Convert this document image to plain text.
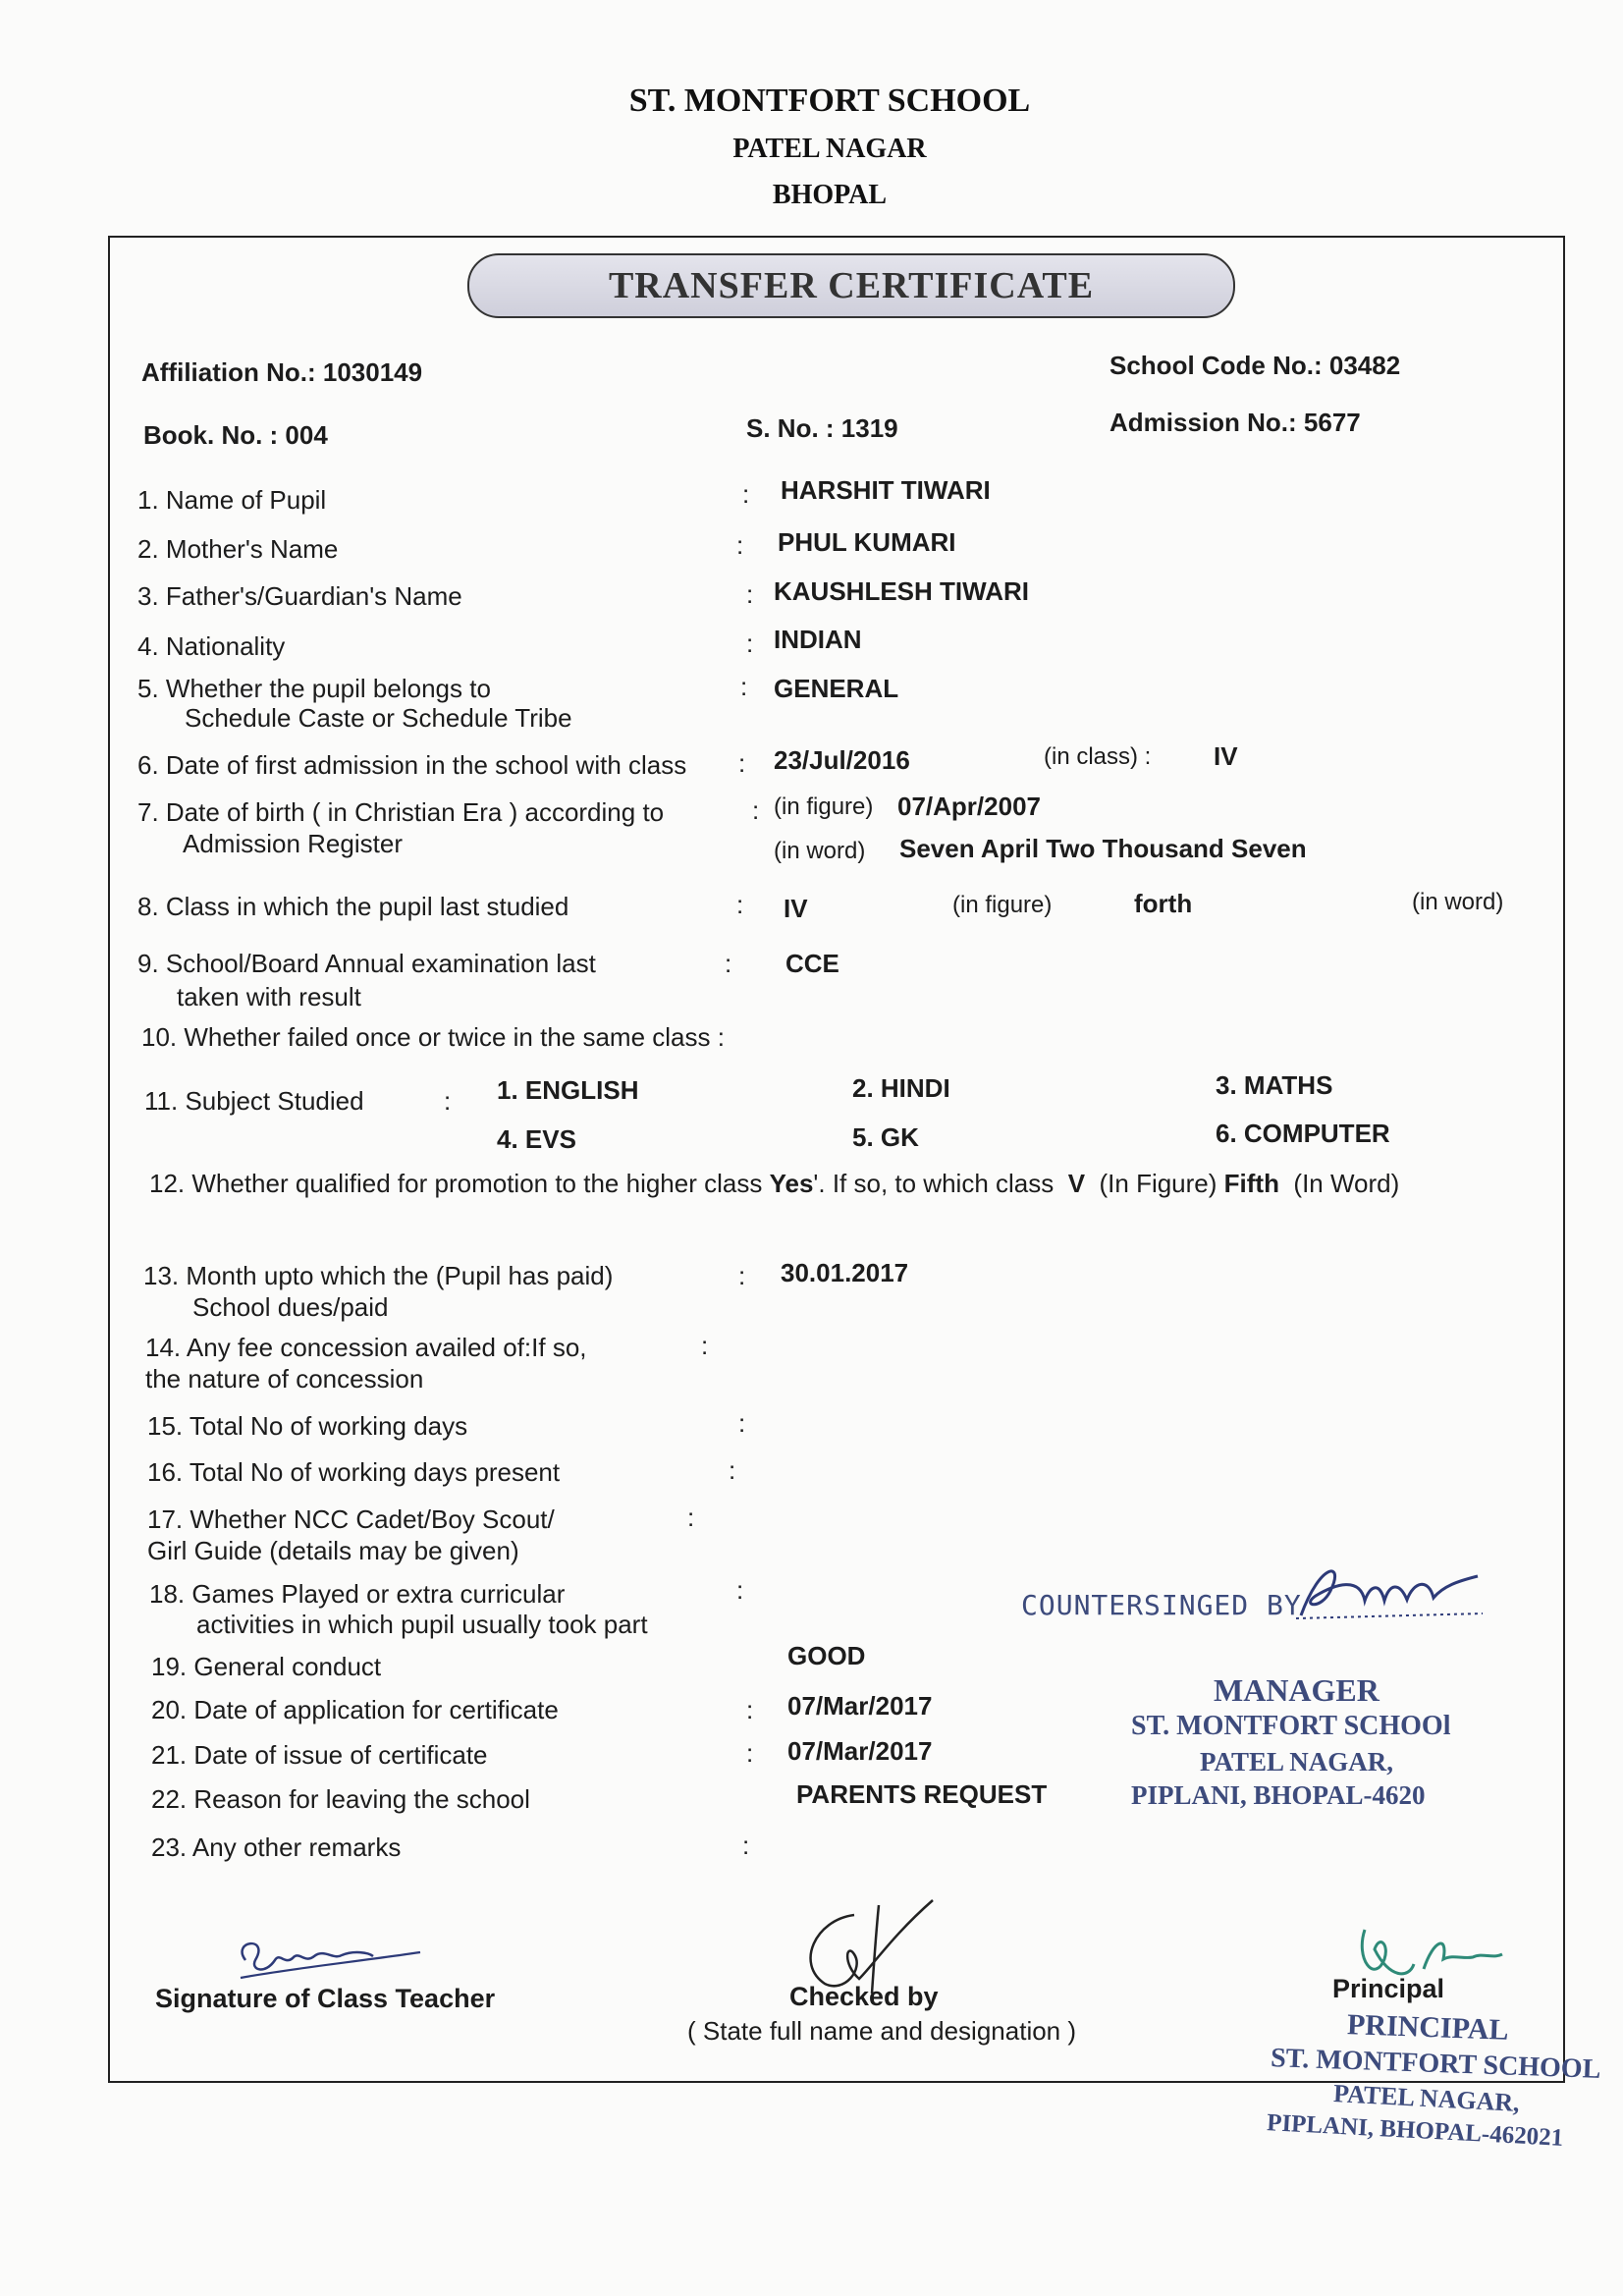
ST. MONTFORT SCHOOL
PATEL NAGAR
BHOPAL
TRANSFER CERTIFICATE
Affiliation No.: 1030149	School Code No.: 03482
Book. No. : 004	S. No. : 1319	Admission No.: 5677
1. Name of Pupil	: HARSHIT TIWARI
2. Mother's Name	: PHUL KUMARI
3. Father's/Guardian's Name	: KAUSHLESH TIWARI
4. Nationality	: INDIAN
5. Whether the pupil belongs to
Schedule Caste or Schedule Tribe
: GENERAL
6. Date of first admission in the school with class : 23/Jul/2016	(in class) : IV
7. Date of birth ( in Christian Era ) according to
Admission Register
: (in figure) 07/Apr/2007
(in word) Seven April Two Thousand Seven
8. Class in which the pupil last studied	: IV	(in figure)	forth	(in word)
9. School/Board Annual examination last
taken with result
: CCE
10. Whether failed once or twice in the same class :
11. Subject Studied	: 1. ENGLISH	2. HINDI	3. MATHS
4. EVS	5. GK	6. COMPUTER
12. Whether qualified for promotion to the higher class Yes'. If so, to which class V (In Figure) Fifth (In Word)
13. Month upto which the (Pupil has paid)
School dues/paid
: 30.01.2017
14. Any fee concession availed of:If so,
the nature of concession
:
15. Total No of working days	:
16. Total No of working days present	:
17. Whether NCC Cadet/Boy Scout/
Girl Guide (details may be given)
:
18. Games Played or extra curricular
activities in which pupil usually took part
:
19. General conduct	GOOD
20. Date of application for certificate	: 07/Mar/2017
21. Date of issue of certificate	: 07/Mar/2017
22. Reason for leaving the school	PARENTS REQUEST
23. Any other remarks	:
COUNTERSINGED BY
MANAGER
ST. MONTFORT SCHOOl
PATEL NAGAR,
PIPLANI, BHOPAL-4620
Signature of Class Teacher	Checked by
( State full name and designation )
Principal
PRINCIPAL
ST. MONTFORT SCHOOL
PATEL NAGAR,
PIPLANI, BHOPAL-462021
